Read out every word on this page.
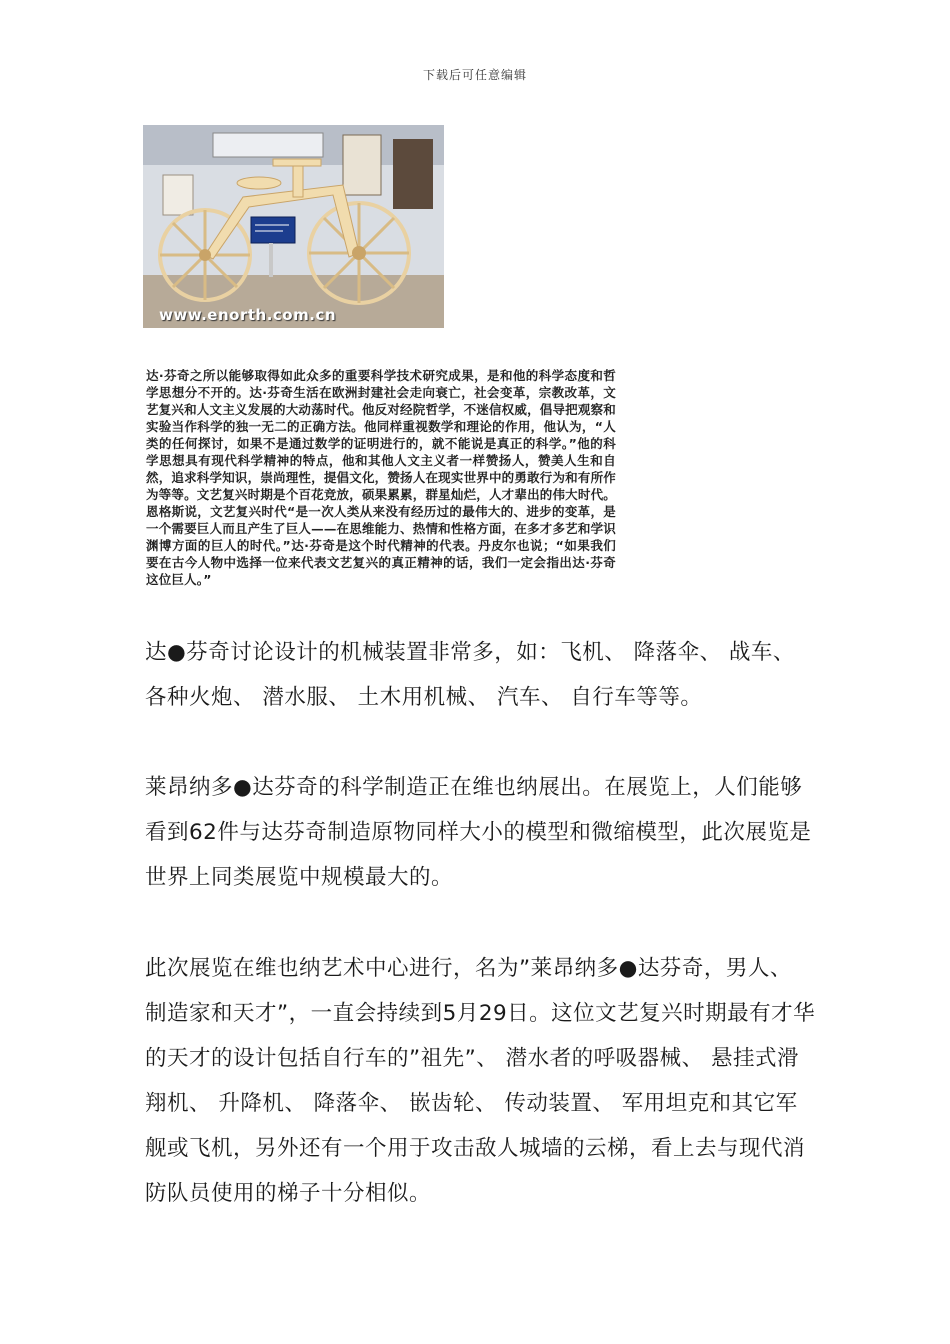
下载后可任意编辑
www.enorth.com.cn
达·芬奇之所以能够取得如此众多的重要科学技术研究成果，是和他的科学态度和哲学思想分不开的。达·芬奇生活在欧洲封建社会走向衰亡，社会变革，宗教改革，文艺复兴和人文主义发展的大动荡时代。他反对经院哲学，不迷信权威，倡导把观察和实验当作科学的独一无二的正确方法。他同样重视数学和理论的作用，他认为，“人类的任何探讨，如果不是通过数学的证明进行的，就不能说是真正的科学。”他的科学思想具有现代科学精神的特点，他和其他人文主义者一样赞扬人，赞美人生和自然，追求科学知识，崇尚理性，提倡文化，赞扬人在现实世界中的勇敢行为和有所作为等等。文艺复兴时期是个百花竞放，硕果累累，群星灿烂，人才辈出的伟大时代。恩格斯说，文艺复兴时代“是一次人类从来没有经历过的最伟大的、进步的变革，是一个需要巨人而且产生了巨人——在思维能力、热情和性格方面，在多才多艺和学识渊博方面的巨人的时代。”达·芬奇是这个时代精神的代表。丹皮尔也说；“如果我们要在古今人物中选择一位来代表文艺复兴的真正精神的话，我们一定会指出达·芬奇这位巨人。”
达●芬奇讨论设计的机械装置非常多，如：飞机、 降落伞、 战车、 各种火炮、 潜水服、 土木用机械、 汽车、 自行车等等。
莱昂纳多●达芬奇的科学制造正在维也纳展出。在展览上，人们能够看到62件与达芬奇制造原物同样大小的模型和微缩模型，此次展览是世界上同类展览中规模最大的。
此次展览在维也纳艺术中心进行，名为”莱昂纳多●达芬奇，男人、 制造家和天才”，一直会持续到5月29日。这位文艺复兴时期最有才华的天才的设计包括自行车的”祖先”、 潜水者的呼吸器械、 悬挂式滑翔机、 升降机、 降落伞、 嵌齿轮、 传动装置、 军用坦克和其它军舰或飞机，另外还有一个用于攻击敌人城墙的云梯，看上去与现代消防队员使用的梯子十分相似。
